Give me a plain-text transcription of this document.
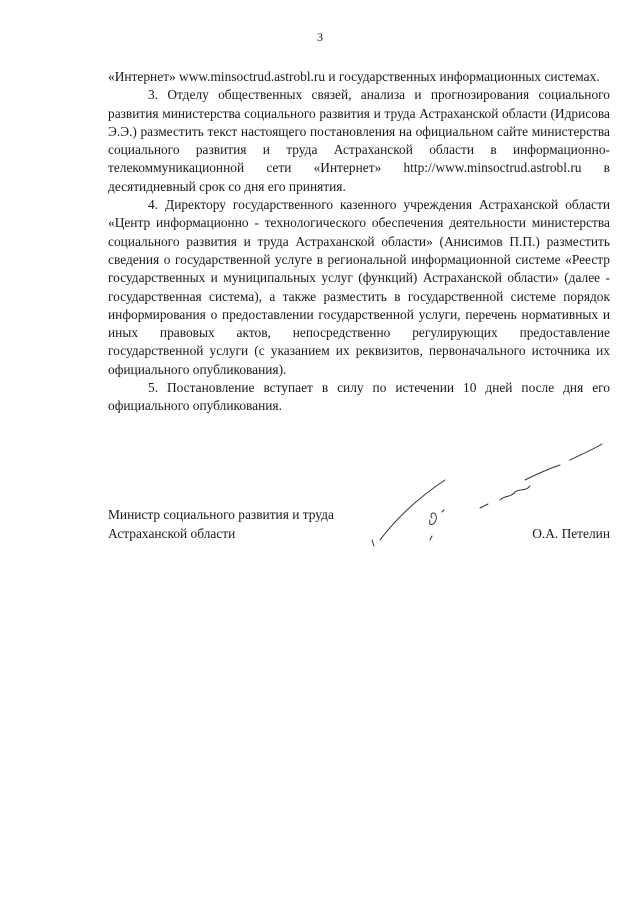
3

«Интернет» www.minsoctrud.astrobl.ru и государственных информационных системах.

3. Отделу общественных связей, анализа и прогнозирования социального развития министерства социального развития и труда Астраханской области (Идрисова Э.Э.) разместить текст настоящего постановления на официальном сайте министерства социального развития и труда Астраханской области в информационно-телекоммуникационной сети «Интернет» http://www.minsoctrud.astrobl.ru в десятидневный срок со дня его принятия.

4. Директору государственного казенного учреждения Астраханской области «Центр информационно - технологического обеспечения деятельности министерства социального развития и труда Астраханской области» (Анисимов П.П.) разместить сведения о государственной услуге в региональной информационной системе «Реестр государственных и муниципальных услуг (функций) Астраханской области» (далее - государственная система), а также разместить в государственной системе порядок информирования о предоставлении государственной услуги, перечень нормативных и иных правовых актов, непосредственно регулирующих предоставление государственной услуги (с указанием их реквизитов, первоначального источника их официального опубликования).

5. Постановление вступает в силу по истечении 10 дней после дня его официального опубликования.

Министр социального развития и труда

Астраханской области	О.А. Петелин
